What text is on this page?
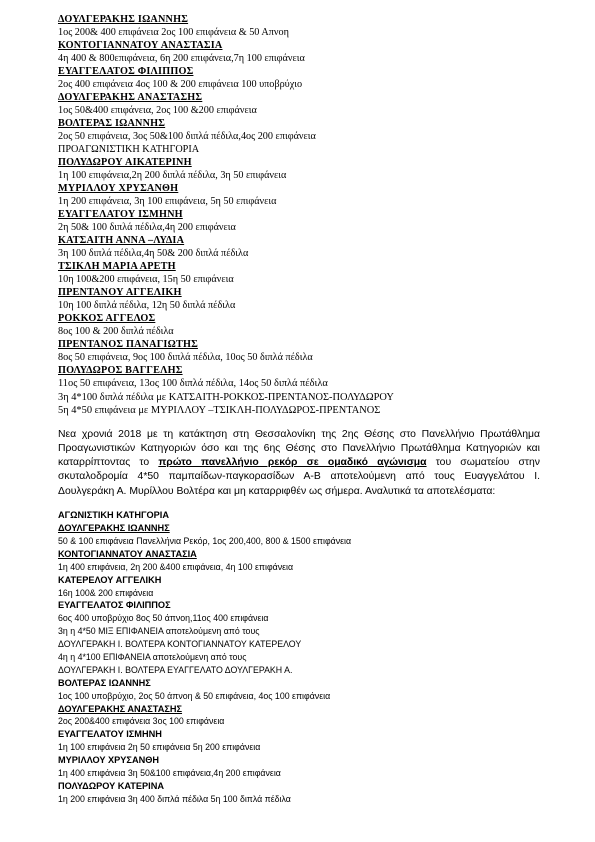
ΔΟΥΛΓΕΡΑΚΗΣ ΙΩΑΝΝΗΣ
1ος 200& 400 επιφάνεια 2ος 100 επιφάνεια & 50 Απνοη
ΚΟΝΤΟΓΙΑΝΝΑΤΟΥ ΑΝΑΣΤΑΣΙΑ
4η 400 & 800επιφάνεια, 6η 200 επιφάνεια,7η 100 επιφάνεια
ΕΥΑΓΓΕΛΑΤΟΣ ΦΙΛΙΠΠΟΣ
2ος 400 επιφάνεια 4ος 100 & 200 επιφάνεια 100 υποβρύχιο
ΔΟΥΛΓΕΡΑΚΗΣ ΑΝΑΣΤΑΣΗΣ
1ος 50&400 επιφάνεια, 2ος 100 &200 επιφάνεια
ΒΟΛΤΕΡΑΣ ΙΩΑΝΝΗΣ
2ος 50 επιφάνεια, 3ος 50&100 διπλά πέδιλα,4ος 200 επιφάνεια
ΠΡΟΑΓΩΝΙΣΤΙΚΗ ΚΑΤΗΓΟΡΙΑ
ΠΟΛΥΔΩΡΟΥ ΑΙΚΑΤΕΡΙΝΗ
1η 100 επιφάνεια,2η 200 διπλά πέδιλα, 3η 50 επιφάνεια
ΜΥΡΙΛΛΟΥ ΧΡΥΣΑΝΘΗ
1η 200 επιφάνεια, 3η 100 επιφάνεια, 5η 50 επιφάνεια
ΕΥΑΓΓΕΛΑΤΟΥ ΙΣΜΗΝΗ
2η 50& 100 διπλά πέδιλα,4η 200 επιφάνεια
ΚΑΤΣΑΙΤΗ ΑΝΝΑ –ΛΥΔΙΑ
3η 100 διπλά πέδιλα,4η 50& 200 διπλά πέδιλα
ΤΣΙΚΛΗ ΜΑΡΙΑ ΑΡΕΤΗ
10η 100&200 επιφάνεια, 15η 50 επιφάνεια
ΠΡΕΝΤΑΝΟΥ ΑΓΓΕΛΙΚΗ
10η 100 διπλά πέδιλα, 12η 50 διπλά πέδιλα
ΡΟΚΚΟΣ ΑΓΓΕΛΟΣ
8ος 100 & 200 διπλά πέδιλα
ΠΡΕΝΤΑΝΟΣ ΠΑΝΑΓΙΩΤΗΣ
8ος 50 επιφάνεια, 9ος 100 διπλά πέδιλα, 10ος 50 διπλά πέδιλα
ΠΟΛΥΔΩΡΟΣ ΒΑΓΓΕΛΗΣ
11ος 50 επιφάνεια, 13ος 100 διπλά πέδιλα, 14ος 50 διπλά πέδιλα
3η 4*100 διπλά πέδιλα με ΚΑΤΣΑΙΤΗ-ΡΟΚΚΟΣ-ΠΡΕΝΤΑΝΟΣ-ΠΟΛΥΔΩΡΟΥ
5η 4*50 επιφάνεια με ΜΥΡΙΛΛΟΥ –ΤΣΙΚΛΗ-ΠΟΛΥΔΩΡΟΣ-ΠΡΕΝΤΑΝΟΣ

Νεα χρονιά 2018 με τη κατάκτηση στη Θεσσαλονίκη της 2ης Θέσης στο Πανελλήνιο Πρωτάθλημα Προαγωνιστικών Κατηγοριών όσο και της 6ης Θέσης στο Πανελλήνιο Πρωτάθλημα Κατηγοριών και καταρρίπτοντας το πρώτο πανελλήνιο ρεκόρ σε ομαδικό αγώνισμα του σωματείου στην σκυταλοδρομία 4*50 παμπαίδων-παγκορασίδων Α-Β αποτελούμενη από τους Ευαγγελάτου Ι. Δουλγεράκη Α. Μυρίλλου Βολτέρα και μη καταρριφθέν ως σήμερα. Αναλυτικά τα αποτελέσματα:

ΑΓΩΝΙΣΤΙΚΗ ΚΑΤΗΓΟΡΙΑ
ΔΟΥΛΓΕΡΑΚΗΣ ΙΩΑΝΝΗΣ
50 & 100 επιφάνεια Πανελλήνια Ρεκόρ, 1ος 200,400, 800 & 1500 επιφάνεια
ΚΟΝΤΟΓΙΑΝΝΑΤΟΥ ΑΝΑΣΤΑΣΙΑ
1η 400 επιφάνεια, 2η 200 &400 επιφάνεια, 4η 100 επιφάνεια
ΚΑΤΕΡΕΛΟΥ ΑΓΓΕΛΙΚΗ
16η 100& 200 επιφάνεια
ΕΥΑΓΓΕΛΑΤΟΣ ΦΙΛΙΠΠΟΣ
6ος 400 υποβρύχιο 8ος 50 άπνοη,11ος 400 επιφάνεια
3η η 4*50 ΜΙΞ ΕΠΙΦΑΝΕΙΑ αποτελούμενη από τους
ΔΟΥΛΓΕΡΑΚΗ Ι. ΒΟΛΤΕΡΑ ΚΟΝΤΟΓΙΑΝΝΑΤΟΥ ΚΑΤΕΡΕΛΟΥ
4η η 4*100 ΕΠΙΦΑΝΕΙΑ αποτελούμενη από τους
ΔΟΥΛΓΕΡΑΚΗ Ι. ΒΟΛΤΕΡΑ ΕΥΑΓΓΕΛΑΤΟ ΔΟΥΛΓΕΡΑΚΗ Α.
ΒΟΛΤΕΡΑΣ ΙΩΑΝΝΗΣ
1ος 100 υποβρύχιο, 2ος 50 άπνοη & 50 επιφάνεια, 4ος 100 επιφάνεια
ΔΟΥΛΓΕΡΑΚΗΣ ΑΝΑΣΤΑΣΗΣ
2ος 200&400 επιφάνεια 3ος 100 επιφάνεια
ΕΥΑΓΓΕΛΑΤΟΥ ΙΣΜΗΝΗ
1η 100 επιφάνεια 2η 50 επιφάνεια 5η 200 επιφάνεια
ΜΥΡΙΛΛΟΥ ΧΡΥΣΑΝΘΗ
1η 400 επιφάνεια 3η 50&100 επιφάνεια,4η 200 επιφάνεια
ΠΟΛΥΔΩΡΟΥ ΚΑΤΕΡΙΝΑ
1η 200 επιφάνεια 3η 400 διπλά πέδιλα 5η 100 διπλά πέδιλα
